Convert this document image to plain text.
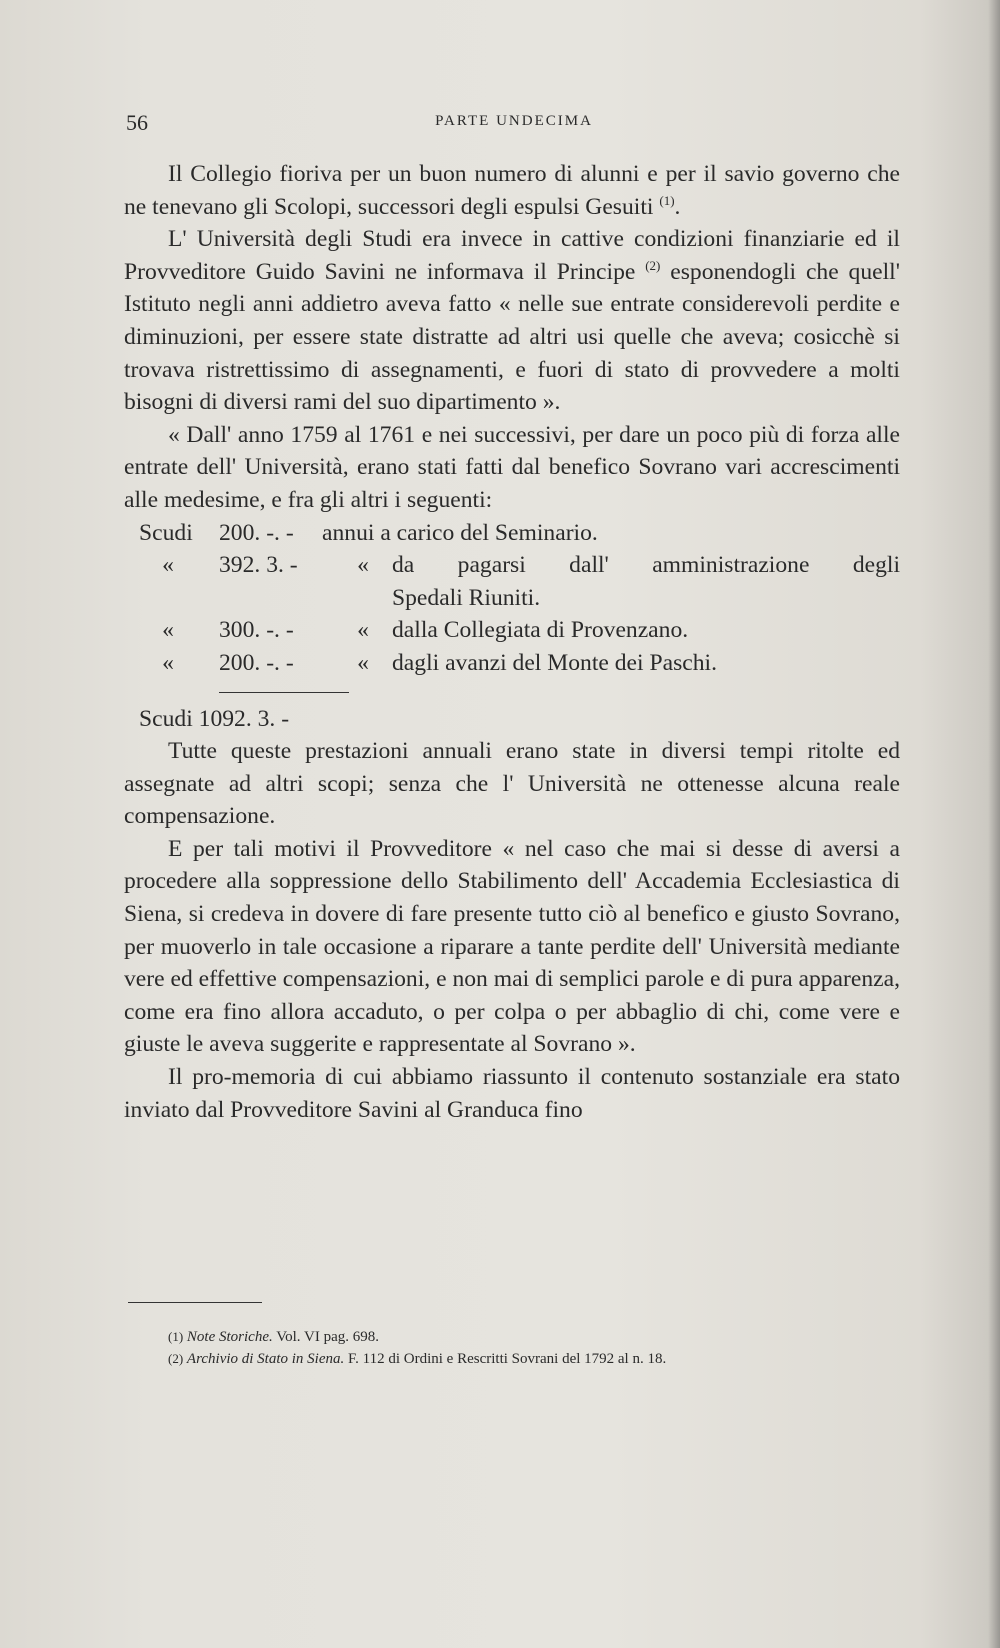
56	PARTE UNDECIMA

Il Collegio fioriva per un buon numero di alunni e per il savio governo che ne tenevano gli Scolopi, successori degli espulsi Gesuiti $^{(1)}$.

L' Università degli Studi era invece in cattive condizioni finanziarie ed il Provveditore Guido Savini ne informava il Principe $^{(2)}$ esponendogli che quell' Istituto negli anni addietro aveva fatto « nelle sue entrate considerevoli perdite e diminuzioni, per essere state distratte ad altri usi quelle che aveva; cosicchè si trovava ristrettissimo di assegnamenti, e fuori di stato di provvedere a molti bisogni di diversi rami del suo dipartimento ».

« Dall' anno 1759 al 1761 e nei successivi, per dare un poco più di forza alle entrate dell' Università, erano stati fatti dal benefico Sovrano vari accrescimenti alle medesime, e fra gli altri i seguenti:

Scudi	200. -. -	annui a carico del Seminario.
«	392. 3. -	« da pagarsi dall' amministrazione degli
Spedali Riuniti.
«	300. -. -	« dalla Collegiata di Provenzano.
«	200. -. -	« dagli avanzi del Monte dei Paschi.
Scudi 1092. 3. -

Tutte queste prestazioni annuali erano state in diversi tempi ritolte ed assegnate ad altri scopi; senza che l' Università ne ottenesse alcuna reale compensazione.

E per tali motivi il Provveditore « nel caso che mai si desse di aversi a procedere alla soppressione dello Stabilimento dell' Accademia Ecclesiastica di Siena, si credeva in dovere di fare presente tutto ciò al benefico e giusto Sovrano, per muoverlo in tale occasione a riparare a tante perdite dell' Università mediante vere ed effettive compensazioni, e non mai di semplici parole e di pura apparenza, come era fino allora accaduto, o per colpa o per abbaglio di chi, come vere e giuste le aveva suggerite e rappresentate al Sovrano ».

Il pro-memoria di cui abbiamo riassunto il contenuto sostanziale era stato inviato dal Provveditore Savini al Granduca fino

(1) Note Storiche. Vol. VI pag. 698.

(2) Archivio di Stato in Siena. F. 112 di Ordini e Rescritti Sovrani del 1792 al n. 18.
